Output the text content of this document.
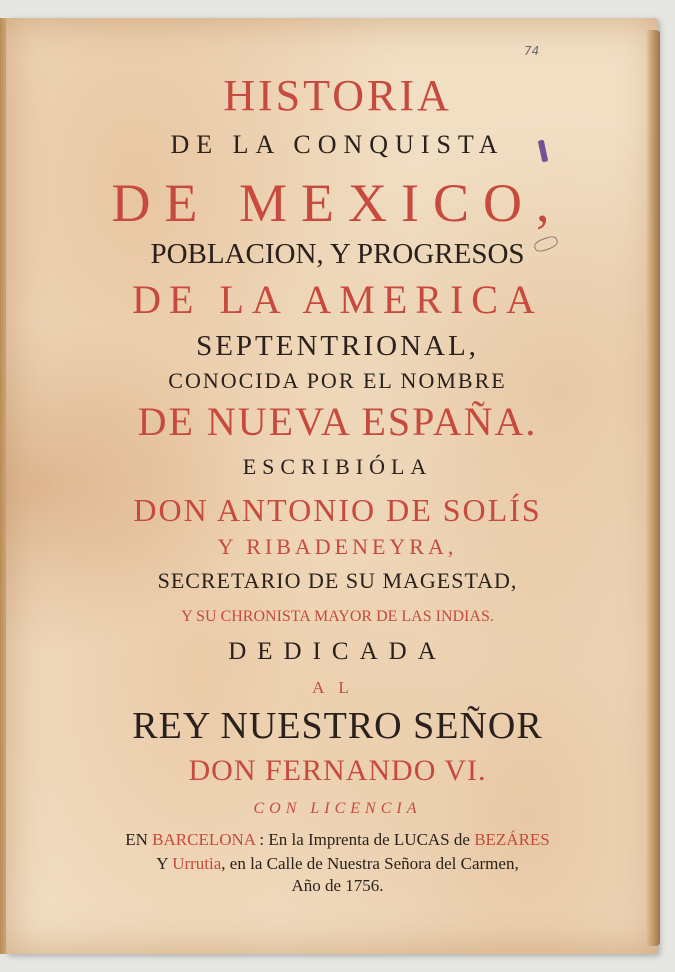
74
HISTORIA
DE LA CONQUISTA
DE MEXICO,
POBLACION, Y PROGRESOS
DE LA AMERICA
SEPTENTRIONAL,
CONOCIDA POR EL NOMBRE
DE NUEVA ESPAÑA.
ESCRIBIÓLA
DON ANTONIO DE SOLÍS
Y RIBADENEYRA,
SECRETARIO DE SU MAGESTAD,
Y SU CHRONISTA MAYOR DE LAS INDIAS.
DEDICADA
AL
REY NUESTRO SEÑOR
DON FERNANDO VI.
CON LICENCIA
EN BARCELONA : En la Imprenta de LUCAS de BEZÁRES
Y Urrutia, en la Calle de Nuestra Señora del Carmen,
Año de 1756.
